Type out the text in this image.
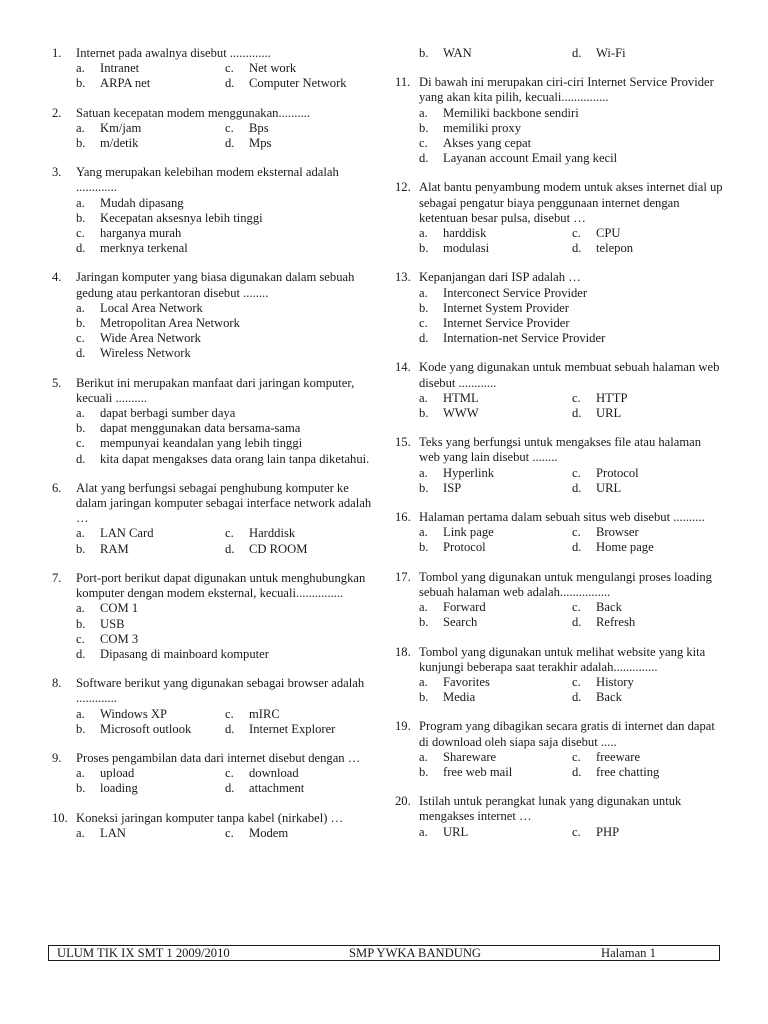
1. Internet pada awalnya disebut .............
a.	Intranet	c.	Net work
b.	ARPA net	d.	Computer Network
2. Satuan kecepatan modem menggunakan..........
a.	Km/jam	c.	Bps
b.	m/detik	d.	Mps
3. Yang merupakan kelebihan modem eksternal adalah .............
a.	Mudah dipasang
b.	Kecepatan aksesnya lebih tinggi
c.	harganya murah
d.	merknya terkenal
4. Jaringan komputer yang biasa digunakan dalam sebuah gedung atau perkantoran disebut ........
a.	Local Area Network
b.	Metropolitan Area Network
c.	Wide Area Network
d.	Wireless Network
5. Berikut ini merupakan manfaat dari jaringan komputer, kecuali ..........
a.	dapat berbagi sumber daya
b.	dapat menggunakan data bersama-sama
c.	mempunyai keandalan yang lebih tinggi
d.	kita dapat mengakses data orang lain tanpa diketahui.
6. Alat yang berfungsi sebagai penghubung komputer ke dalam jaringan komputer sebagai interface network adalah …
a.	LAN Card	c.	Harddisk
b.	RAM	d.	CD ROOM
7. Port-port berikut dapat digunakan untuk menghubungkan komputer dengan modem eksternal, kecuali...............
a.	COM 1
b.	USB
c.	COM 3
d.	Dipasang di mainboard komputer
8. Software berikut yang digunakan sebagai browser adalah .............
a.	Windows XP	c.	mIRC
b.	Microsoft outlook	d.	Internet Explorer
9. Proses pengambilan data dari internet disebut dengan …
a.	upload	c.	download
b.	loading	d.	attachment
10. Koneksi jaringan komputer tanpa kabel (nirkabel) …
a.	LAN	c.	Modem
b.	WAN	d.	Wi-Fi
11. Di bawah ini merupakan ciri-ciri Internet Service Provider yang akan kita pilih, kecuali...............
a.	Memiliki backbone sendiri
b.	memiliki proxy
c.	Akses yang cepat
d.	Layanan account Email yang kecil
12. Alat bantu penyambung modem untuk akses internet dial up sebagai pengatur biaya penggunaan internet dengan ketentuan besar pulsa, disebut …
a.	harddisk	c.	CPU
b.	modulasi	d.	telepon
13. Kepanjangan dari ISP adalah …
a.	Interconect Service Provider
b.	Internet System Provider
c.	Internet Service Provider
d.	Internation-net Service Provider
14. Kode yang digunakan untuk membuat sebuah halaman web disebut ............
a.	HTML	c.	HTTP
b.	WWW	d.	URL
15. Teks yang berfungsi untuk mengakses file atau halaman web yang lain disebut ........
a.	Hyperlink	c.	Protocol
b.	ISP	d.	URL
16. Halaman pertama dalam sebuah situs web disebut ..........
a.	Link page	c.	Browser
b.	Protocol	d.	Home page
17. Tombol yang digunakan untuk mengulangi proses loading sebuah halaman web adalah................
a.	Forward	c.	Back
b.	Search	d.	Refresh
18. Tombol yang digunakan untuk melihat website yang kita kunjungi beberapa saat terakhir adalah..............
a.	Favorites	c.	History
b.	Media	d.	Back
19. Program yang dibagikan secara gratis di internet dan dapat di download oleh siapa saja disebut .....
a.	Shareware	c.	freeware
b.	free web mail	d.	free chatting
20. Istilah untuk perangkat lunak yang digunakan untuk mengakses internet …
a.	URL	c.	PHP
ULUM TIK IX SMT 1 2009/2010	SMP YWKA BANDUNG	Halaman 1
